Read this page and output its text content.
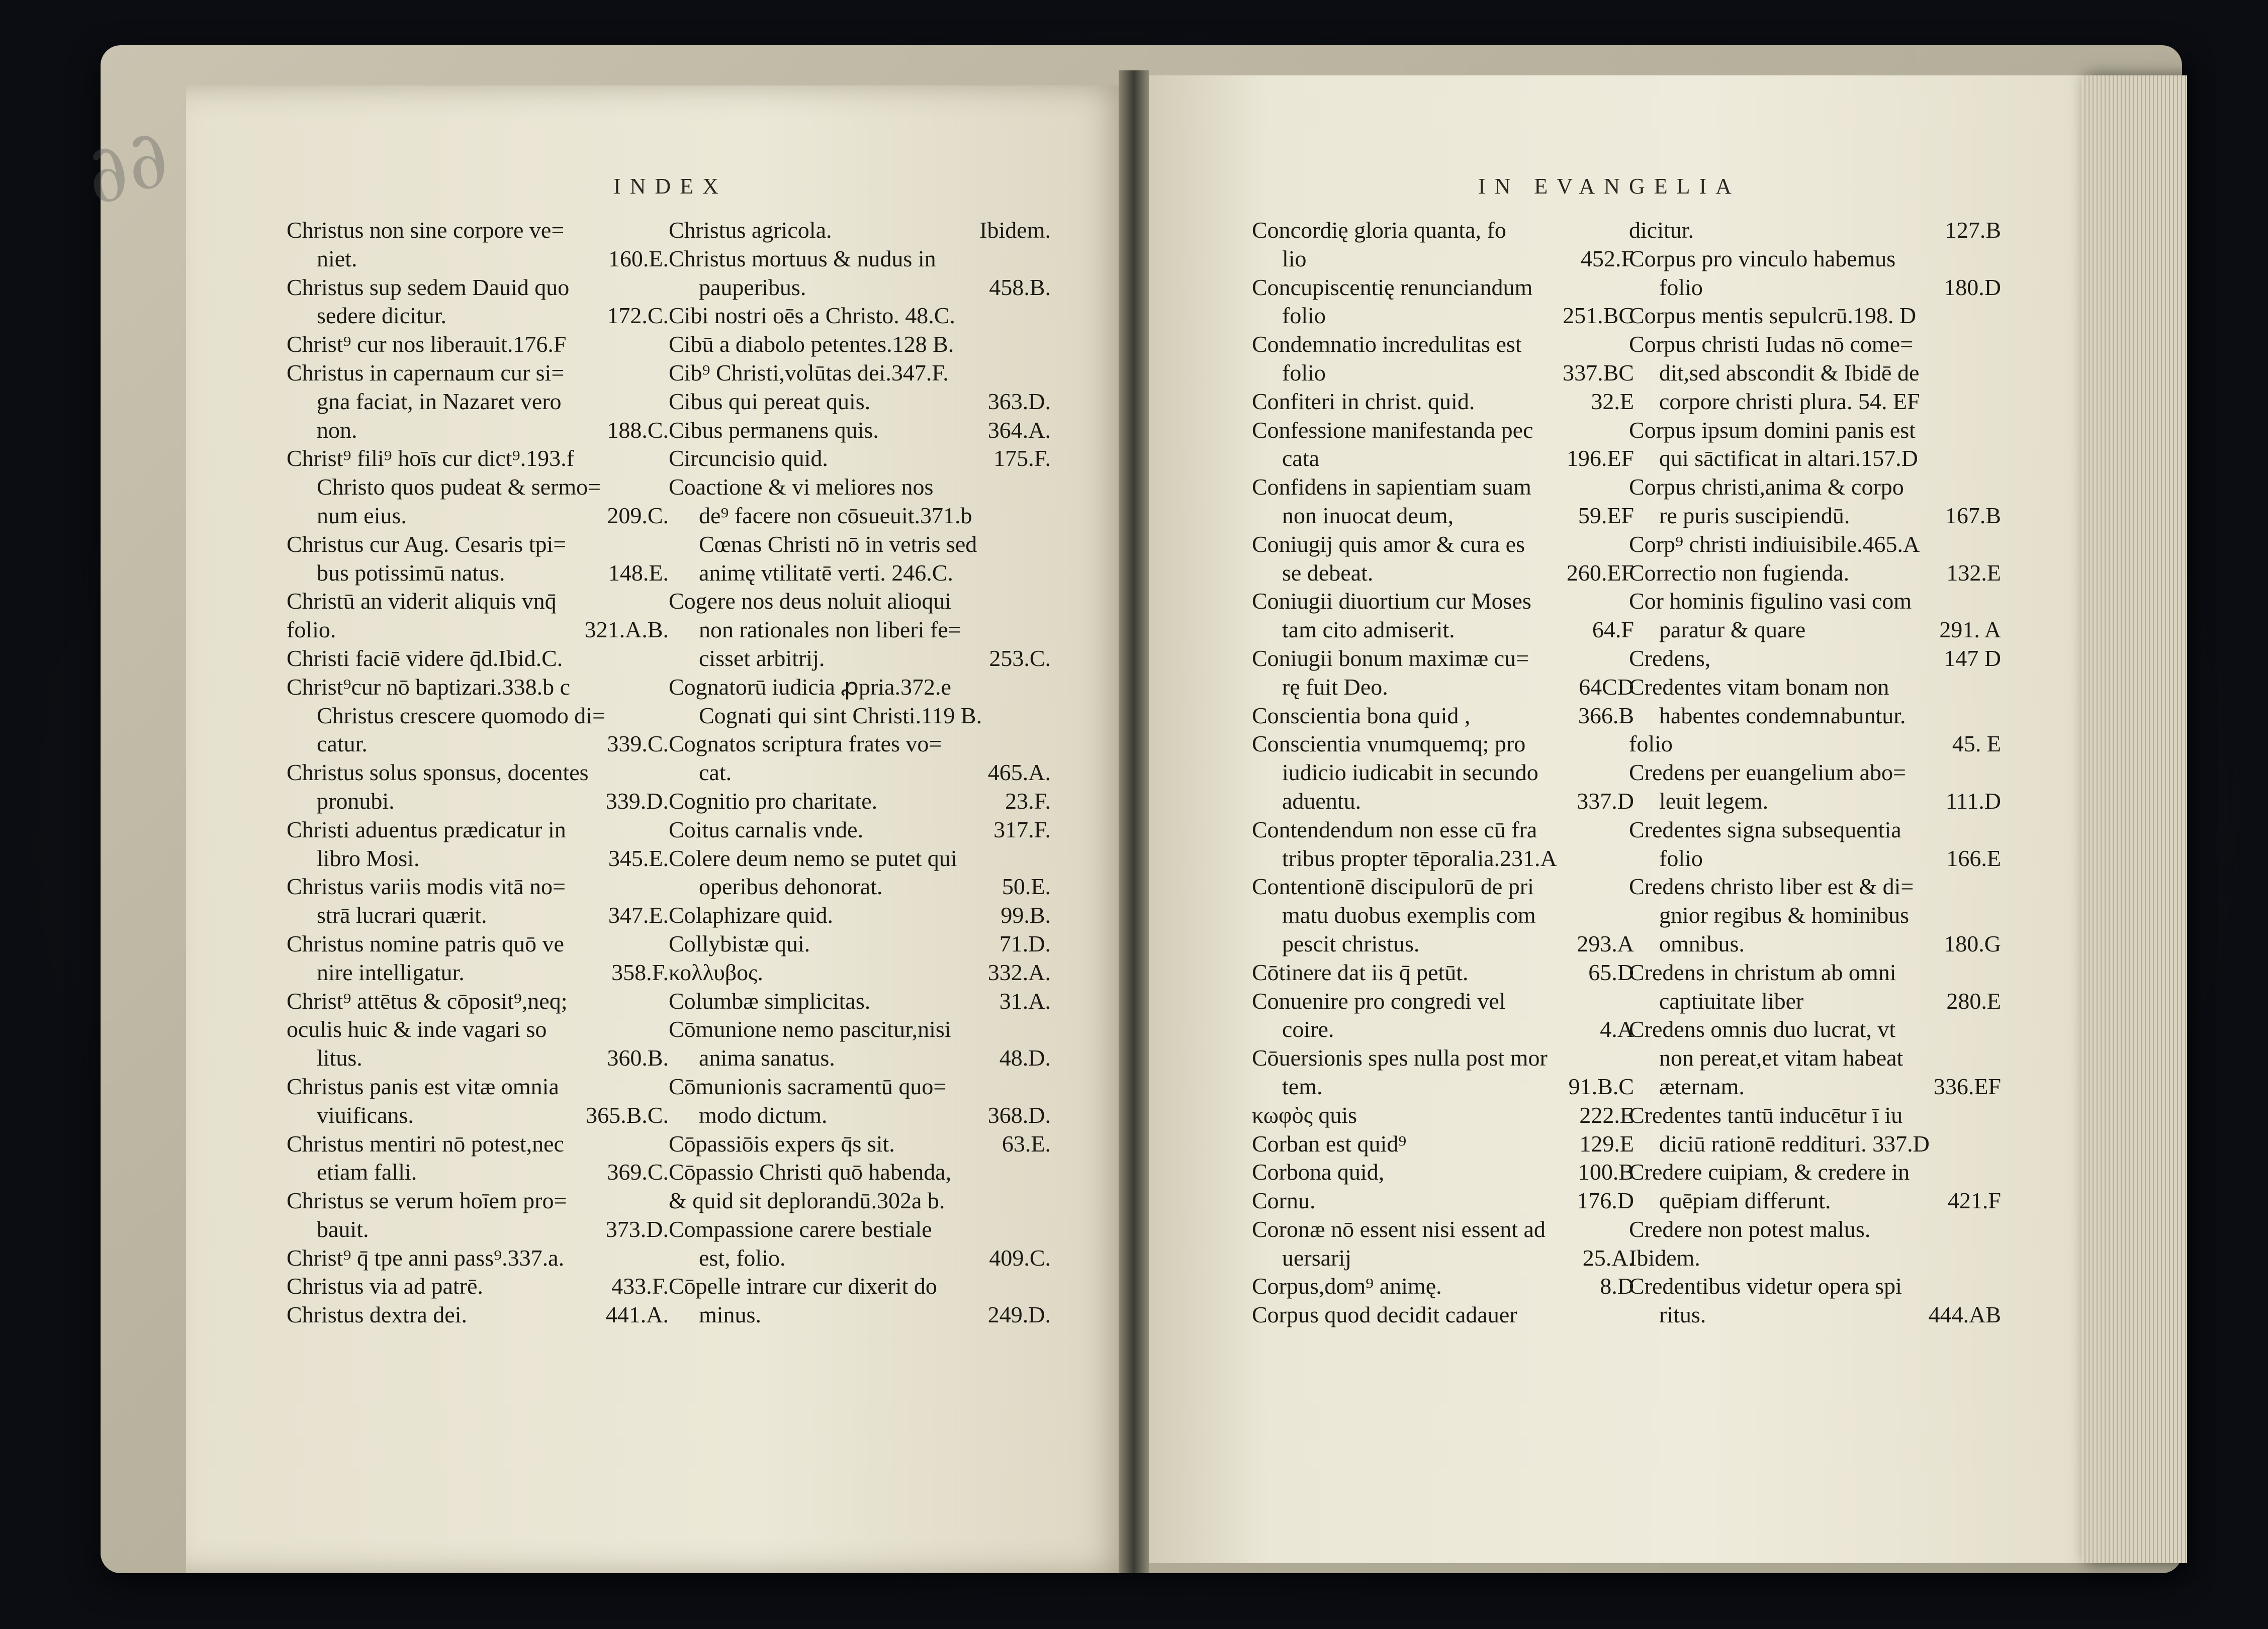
∂∂	INDEX	IN EVANGELIA
Christus non sine corpore ve=
niet.	160.E.
Christus sup sedem Dauid quo
sedere dicitur.	172.C.
Christ⁹ cur nos liberauit.176.F
Christus in capernaum cur si=
gna faciat, in Nazaret vero
non.	188.C.
Christ⁹ fili⁹ hoīs cur dict⁹.193.f
Christo quos pudeat & sermo=
num eius.	209.C.
Christus cur Aug. Cesaris tpi=
bus potissimū natus.	148.E.
Christū an viderit aliquis vnq̄
folio.	321.A.B.
Christi faciē videre q̄d.Ibid.C.
Christ⁹cur nō baptizari.338.b c
Christus crescere quomodo di=
catur.	339.C.
Christus solus sponsus, docentes
pronubi.	339.D.
Christi aduentus prædicatur in
libro Mosi.	345.E.
Christus variis modis vitā no=
strā lucrari quærit.	347.E.
Christus nomine patris quō ve
nire intelligatur.	358.F.
Christ⁹ attētus & cōposit⁹,neq;
oculis huic & inde vagari so
litus.	360.B.
Christus panis est vitæ omnia
viuificans.	365.B.C.
Christus mentiri nō potest,nec
etiam falli.	369.C.
Christus se verum hoīem pro=
bauit.	373.D.
Christ⁹ q̄ tpe anni pass⁹.337.a.
Christus via ad patrē.	433.F.
Christus dextra dei.	441.A.
Christus agricola.	Ibidem.
Christus mortuus & nudus in
pauperibus.	458.B.
Cibi nostri oēs a Christo. 48.C.
Cibū a diabolo petentes.128 B.
Cib⁹ Christi,volūtas dei.347.F.
Cibus qui pereat quis.	363.D.
Cibus permanens quis.	364.A.
Circuncisio quid.	175.F.
Coactione & vi meliores nos
de⁹ facere non cōsueuit.371.b
Cœnas Christi nō in vetris sed
animę vtilitatē verti. 246.C.
Cogere nos deus noluit alioqui
non rationales non liberi fe=
cisset arbitrij.	253.C.
Cognatorū iudicia ꝓpria.372.e
Cognati qui sint Christi.119 B.
Cognatos scriptura frates vo=
cat.	465.A.
Cognitio pro charitate.	23.F.
Coitus carnalis vnde.	317.F.
Colere deum nemo se putet qui
operibus dehonorat.	50.E.
Colaphizare quid.	99.B.
Collybistæ qui.	71.D.
κολλυβος.	332.A.
Columbæ simplicitas.	31.A.
Cōmunione nemo pascitur,nisi
anima sanatus.	48.D.
Cōmunionis sacramentū quo=
modo dictum.	368.D.
Cōpassiōis expers q̄s sit.	63.E.
Cōpassio Christi quō habenda,
& quid sit deplorandū.302a b.
Compassione carere bestiale
est, folio.	409.C.
Cōpelle intrare cur dixerit do
minus.	249.D.
Concordię gloria quanta, fo
lio	452.F
Concupiscentię renunciandum
folio	251.BC
Condemnatio incredulitas est
folio	337.BC
Confiteri in christ. quid.	32.E
Confessione manifestanda pec
cata	196.EF
Confidens in sapientiam suam
non inuocat deum,	59.EF
Coniugij quis amor & cura es
se debeat.	260.EF
Coniugii diuortium cur Moses
tam cito admiserit.	64.F
Coniugii bonum maximæ cu=
rę fuit Deo.	64CD
Conscientia bona quid ,	366.B
Conscientia vnumquemq; pro
iudicio iudicabit in secundo
aduentu.	337.D
Contendendum non esse cū fra
tribus propter tēporalia.231.A
Contentionē discipulorū de pri
matu duobus exemplis com
pescit christus.	293.A
Cōtinere dat iis q̄ petūt.	65.D
Conuenire pro congredi vel
coire.	4.A
Cōuersionis spes nulla post mor
tem.	91.B.C
κωφὸς quis	222.E
Corban est quid⁹	129.E
Corbona quid,	100.B
Cornu.	176.D
Coronæ nō essent nisi essent ad
uersarij	25.A.
Corpus,dom⁹ animę.	8.D
Corpus quod decidit cadauer
dicitur.	127.B
Corpus pro vinculo habemus
folio	180.D
Corpus mentis sepulcrū.198. D
Corpus christi Iudas nō come=
dit,sed abscondit & Ibidē de
corpore christi plura. 54. EF
Corpus ipsum domini panis est
qui sāctificat in altari.157.D
Corpus christi,anima & corpo
re puris suscipiendū.	167.B
Corp⁹ christi indiuisibile.465.A
Correctio non fugienda.	132.E
Cor hominis figulino vasi com
paratur & quare	291. A
Credens,	147 D
Credentes vitam bonam non
habentes condemnabuntur.
folio	45. E
Credens per euangelium abo=
leuit legem.	111.D
Credentes signa subsequentia
folio	166.E
Credens christo liber est & di=
gnior regibus & hominibus
omnibus.	180.G
Credens in christum ab omni
captiuitate liber	280.E
Credens omnis duo lucrat, vt
non pereat,et vitam habeat
æternam.	336.EF
Credentes tantū inducētur ī iu
diciū rationē reddituri. 337.D
Credere cuipiam, & credere in
quēpiam differunt.	421.F
Credere non potest malus.
Ibidem.
Credentibus videtur opera spi
ritus.	444.AB
